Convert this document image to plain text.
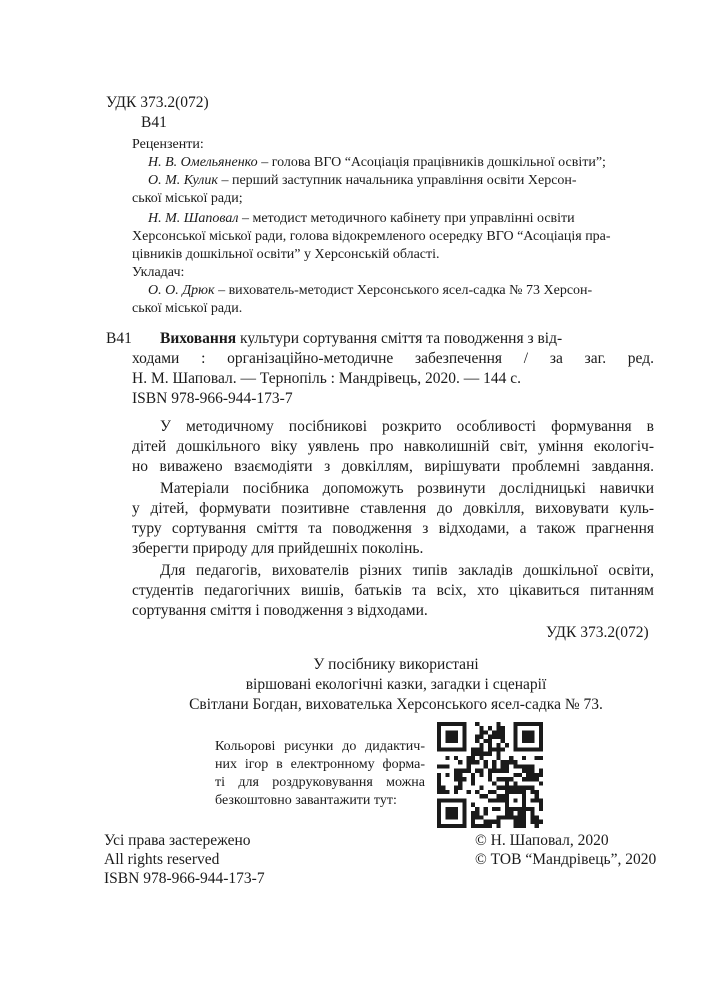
УДК 373.2(072)
В41
Рецензенти:
Н. В. Омельяненко – голова ВГО “Асоціація працівників дошкільної освіти”;
О. М. Кулик – перший заступник начальника управління освіти Херсон-
ської міської ради;
Н. М. Шаповал – методист методичного кабінету при управлінні освіти
Херсонської міської ради, голова відокремленого осередку ВГО “Асоціація пра-
цівників дошкільної освіти” у Херсонській області.
Укладач:
О. О. Дрюк – вихователь-методист Херсонського ясел-садка № 73 Херсон-
ської міської ради.
В41 Виховання культури сортування сміття та поводження з від-
ходами : організаційно-методичне забезпечення / за заг. ред.
Н. М. Шаповал. — Тернопіль : Мандрівець, 2020. — 144 с.
ISBN 978-966-944-173-7
У методичному посібникові розкрито особливості формування в
дітей дошкільного віку уявлень про навколишній світ, уміння екологіч-
но виважено взаємодіяти з довкіллям, вирішувати проблемні завдання.
Матеріали посібника допоможуть розвинути дослідницькі навички
у дітей, формувати позитивне ставлення до довкілля, виховувати куль-
туру сортування сміття та поводження з відходами, а також прагнення
зберегти природу для прийдешніх поколінь.
Для педагогів, вихователів різних типів закладів дошкільної освіти,
студентів педагогічних вишів, батьків та всіх, хто цікавиться питанням
сортування сміття і поводження з відходами.
УДК 373.2(072)
У посібнику використані
віршовані екологічні казки, загадки і сценарії
Світлани Богдан, вихователька Херсонського ясел-садка № 73.
Кольорові рисунки до дидактич-
них ігор в електронному форма-
ті для роздруковування можна
безкоштовно завантажити тут:
Усі права застережено
All rights reserved
ISBN 978-966-944-173-7
© Н. Шаповал, 2020
© ТОВ “Мандрівець”, 2020
